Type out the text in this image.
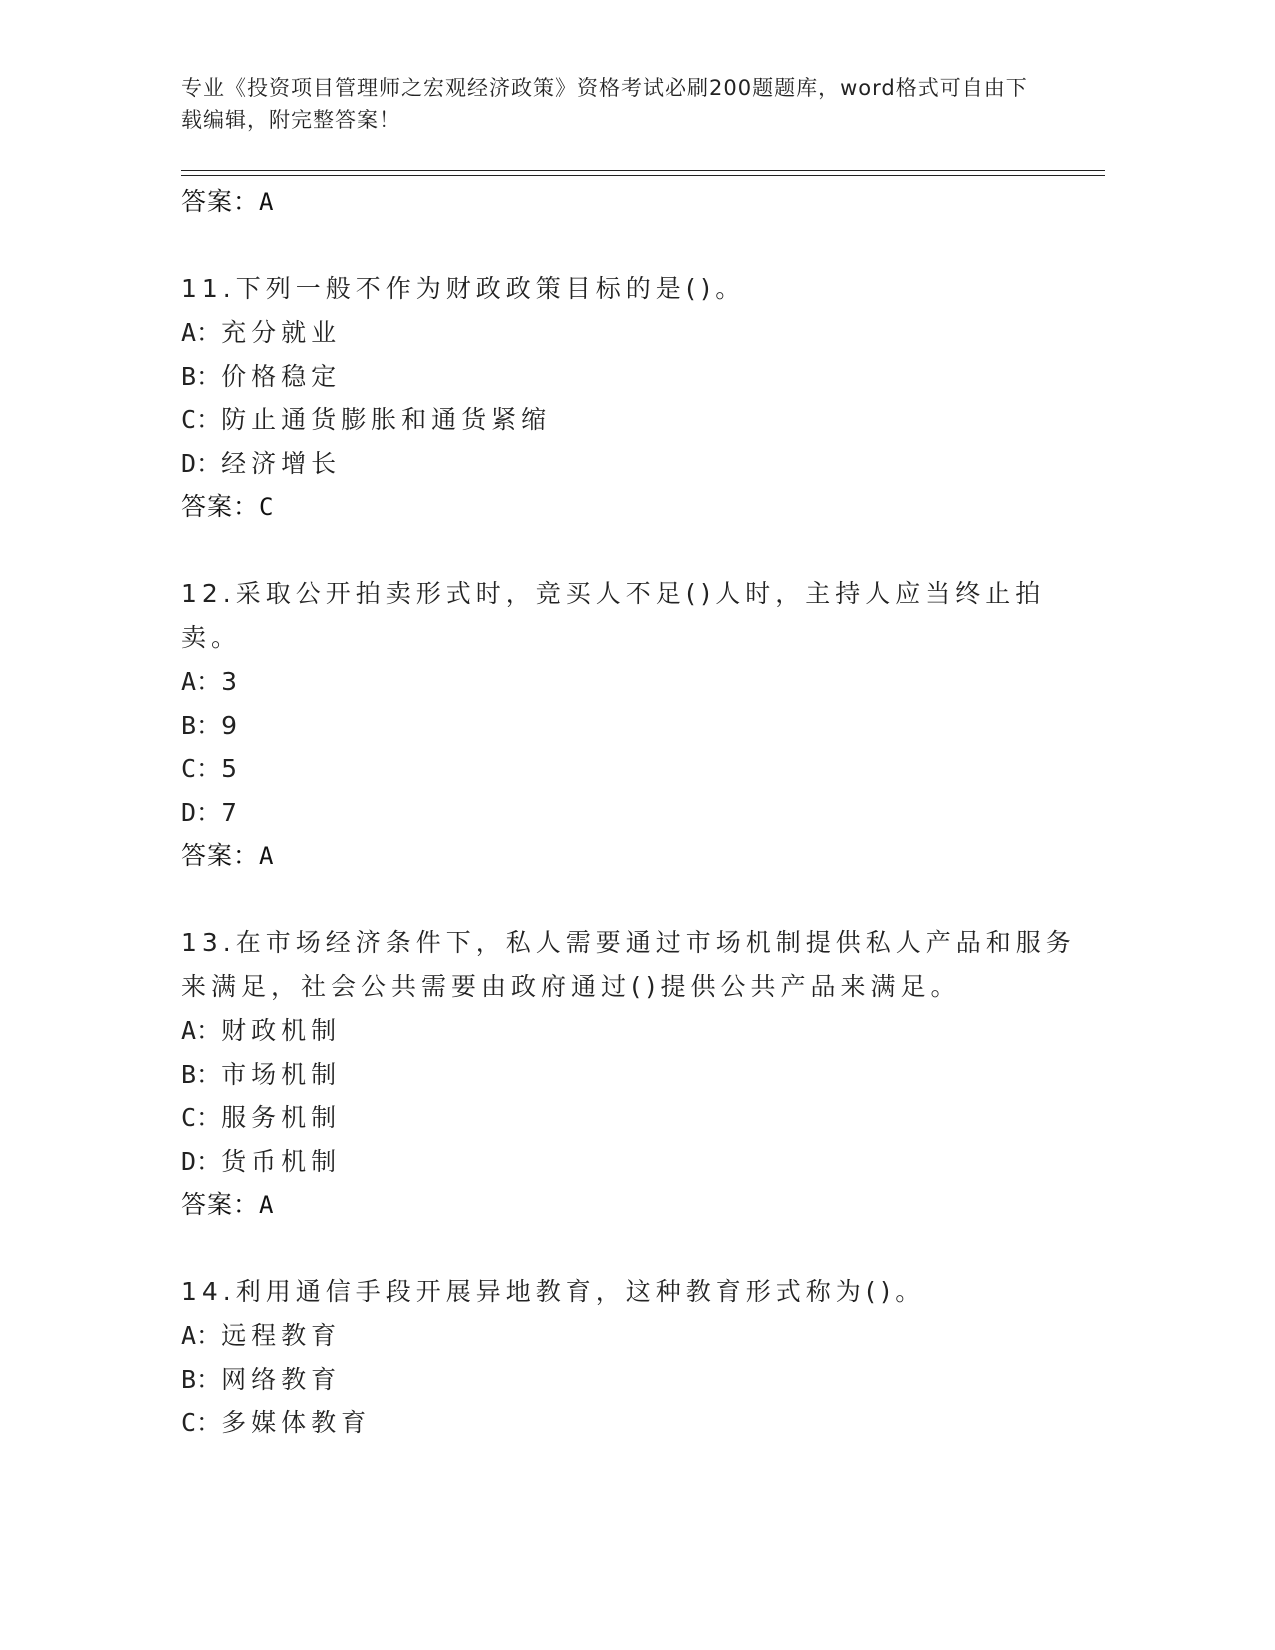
专业《投资项目管理师之宏观经济政策》资格考试必刷200题题库，word格式可自由下载编辑，附完整答案！
答案：A
11.下列一般不作为财政政策目标的是()。
A：充分就业
B：价格稳定
C：防止通货膨胀和通货紧缩
D：经济增长
答案：C
12.采取公开拍卖形式时，竞买人不足()人时，主持人应当终止拍卖。
A：3
B：9
C：5
D：7
答案：A
13.在市场经济条件下，私人需要通过市场机制提供私人产品和服务来满足，社会公共需要由政府通过()提供公共产品来满足。
A：财政机制
B：市场机制
C：服务机制
D：货币机制
答案：A
14.利用通信手段开展异地教育，这种教育形式称为()。
A：远程教育
B：网络教育
C：多媒体教育
